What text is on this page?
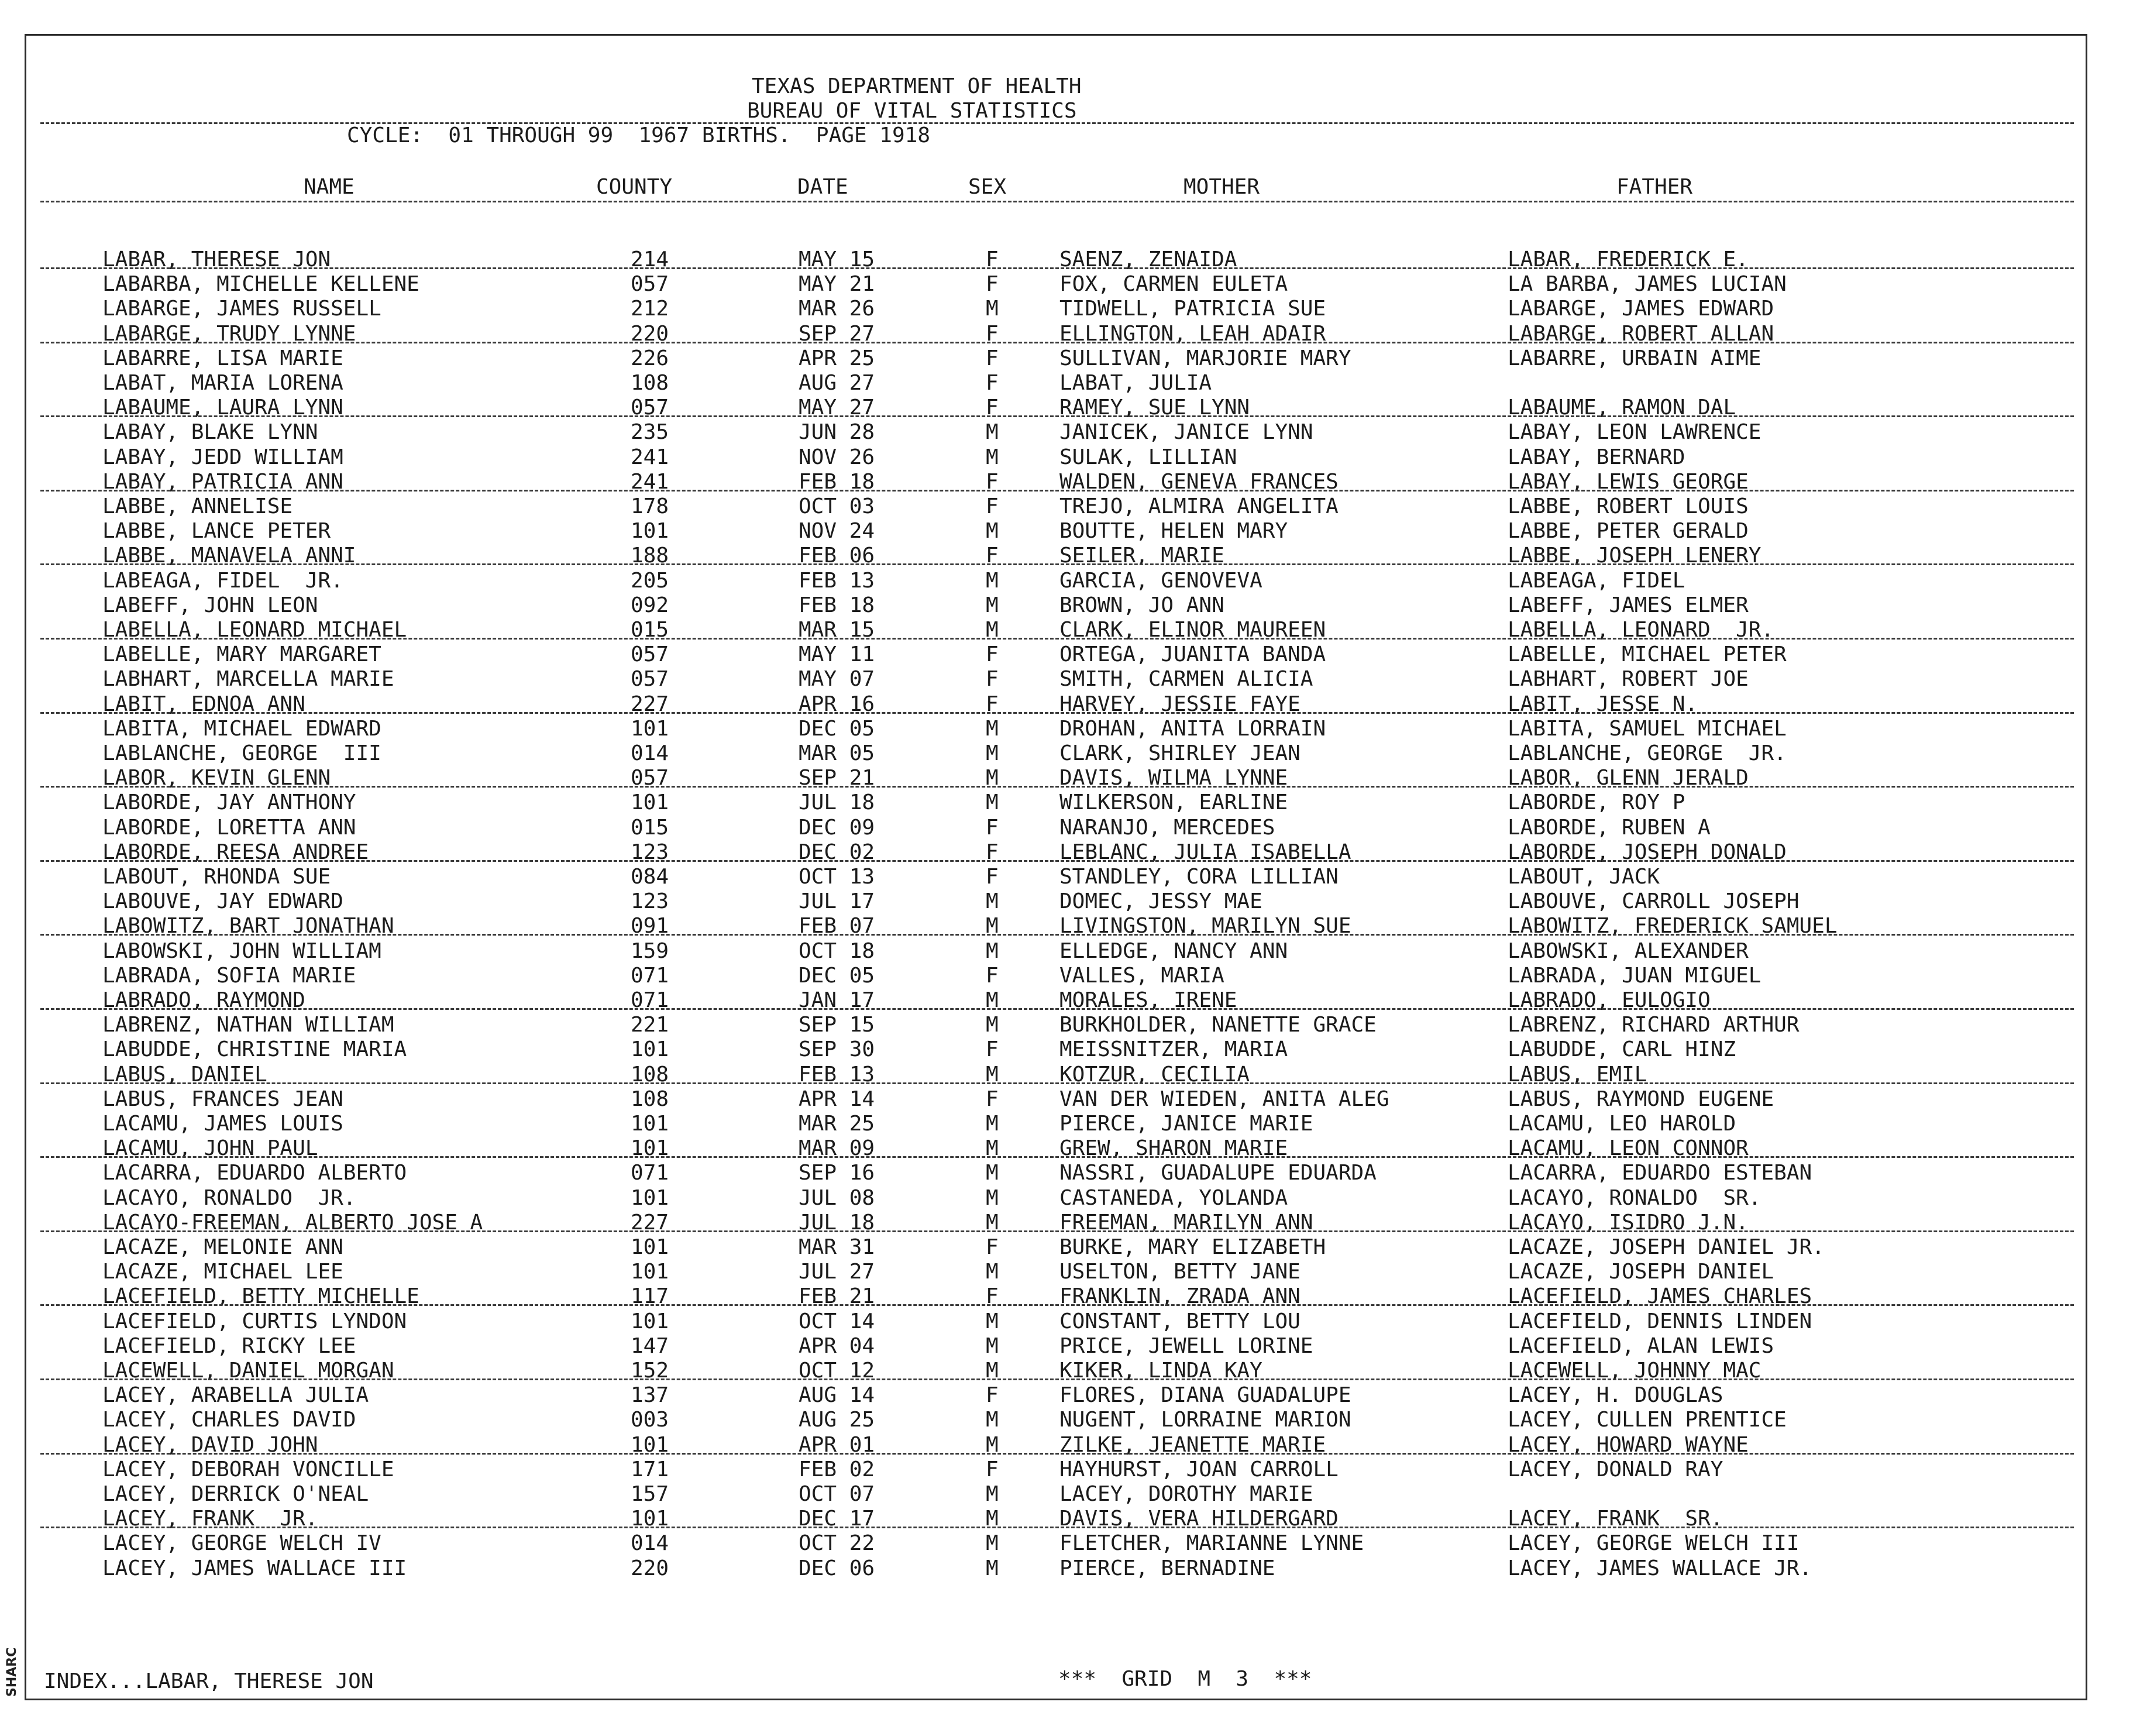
SHARC
TEXAS DEPARTMENT OF HEALTH
BUREAU OF VITAL STATISTICS
CYCLE:  01 THROUGH 99  1967 BIRTHS.  PAGE 1918
NAME	COUNTY	DATE	SEX	MOTHER	FATHER
LABAR, THERESE JON	214	MAY 15	F	SAENZ, ZENAIDA	LABAR, FREDERICK E.
LABARBA, MICHELLE KELLENE	057	MAY 21	F	FOX, CARMEN EULETA	LA BARBA, JAMES LUCIAN
LABARGE, JAMES RUSSELL	212	MAR 26	M	TIDWELL, PATRICIA SUE	LABARGE, JAMES EDWARD
LABARGE, TRUDY LYNNE	220	SEP 27	F	ELLINGTON, LEAH ADAIR	LABARGE, ROBERT ALLAN
LABARRE, LISA MARIE	226	APR 25	F	SULLIVAN, MARJORIE MARY	LABARRE, URBAIN AIME
LABAT, MARIA LORENA	108	AUG 27	F	LABAT, JULIA
LABAUME, LAURA LYNN	057	MAY 27	F	RAMEY, SUE LYNN	LABAUME, RAMON DAL
LABAY, BLAKE LYNN	235	JUN 28	M	JANICEK, JANICE LYNN	LABAY, LEON LAWRENCE
LABAY, JEDD WILLIAM	241	NOV 26	M	SULAK, LILLIAN	LABAY, BERNARD
LABAY, PATRICIA ANN	241	FEB 18	F	WALDEN, GENEVA FRANCES	LABAY, LEWIS GEORGE
LABBE, ANNELISE	178	OCT 03	F	TREJO, ALMIRA ANGELITA	LABBE, ROBERT LOUIS
LABBE, LANCE PETER	101	NOV 24	M	BOUTTE, HELEN MARY	LABBE, PETER GERALD
LABBE, MANAVELA ANNI	188	FEB 06	F	SEILER, MARIE	LABBE, JOSEPH LENERY
LABEAGA, FIDEL  JR.	205	FEB 13	M	GARCIA, GENOVEVA	LABEAGA, FIDEL
LABEFF, JOHN LEON	092	FEB 18	M	BROWN, JO ANN	LABEFF, JAMES ELMER
LABELLA, LEONARD MICHAEL	015	MAR 15	M	CLARK, ELINOR MAUREEN	LABELLA, LEONARD  JR.
LABELLE, MARY MARGARET	057	MAY 11	F	ORTEGA, JUANITA BANDA	LABELLE, MICHAEL PETER
LABHART, MARCELLA MARIE	057	MAY 07	F	SMITH, CARMEN ALICIA	LABHART, ROBERT JOE
LABIT, EDNOA ANN	227	APR 16	F	HARVEY, JESSIE FAYE	LABIT, JESSE N.
LABITA, MICHAEL EDWARD	101	DEC 05	M	DROHAN, ANITA LORRAIN	LABITA, SAMUEL MICHAEL
LABLANCHE, GEORGE  III	014	MAR 05	M	CLARK, SHIRLEY JEAN	LABLANCHE, GEORGE  JR.
LABOR, KEVIN GLENN	057	SEP 21	M	DAVIS, WILMA LYNNE	LABOR, GLENN JERALD
LABORDE, JAY ANTHONY	101	JUL 18	M	WILKERSON, EARLINE	LABORDE, ROY P
LABORDE, LORETTA ANN	015	DEC 09	F	NARANJO, MERCEDES	LABORDE, RUBEN A
LABORDE, REESA ANDREE	123	DEC 02	F	LEBLANC, JULIA ISABELLA	LABORDE, JOSEPH DONALD
LABOUT, RHONDA SUE	084	OCT 13	F	STANDLEY, CORA LILLIAN	LABOUT, JACK
LABOUVE, JAY EDWARD	123	JUL 17	M	DOMEC, JESSY MAE	LABOUVE, CARROLL JOSEPH
LABOWITZ, BART JONATHAN	091	FEB 07	M	LIVINGSTON, MARILYN SUE	LABOWITZ, FREDERICK SAMUEL
LABOWSKI, JOHN WILLIAM	159	OCT 18	M	ELLEDGE, NANCY ANN	LABOWSKI, ALEXANDER
LABRADA, SOFIA MARIE	071	DEC 05	F	VALLES, MARIA	LABRADA, JUAN MIGUEL
LABRADO, RAYMOND	071	JAN 17	M	MORALES, IRENE	LABRADO, EULOGIO
LABRENZ, NATHAN WILLIAM	221	SEP 15	M	BURKHOLDER, NANETTE GRACE	LABRENZ, RICHARD ARTHUR
LABUDDE, CHRISTINE MARIA	101	SEP 30	F	MEISSNITZER, MARIA	LABUDDE, CARL HINZ
LABUS, DANIEL	108	FEB 13	M	KOTZUR, CECILIA	LABUS, EMIL
LABUS, FRANCES JEAN	108	APR 14	F	VAN DER WIEDEN, ANITA ALEG	LABUS, RAYMOND EUGENE
LACAMU, JAMES LOUIS	101	MAR 25	M	PIERCE, JANICE MARIE	LACAMU, LEO HAROLD
LACAMU, JOHN PAUL	101	MAR 09	M	GREW, SHARON MARIE	LACAMU, LEON CONNOR
LACARRA, EDUARDO ALBERTO	071	SEP 16	M	NASSRI, GUADALUPE EDUARDA	LACARRA, EDUARDO ESTEBAN
LACAYO, RONALDO  JR.	101	JUL 08	M	CASTANEDA, YOLANDA	LACAYO, RONALDO  SR.
LACAYO-FREEMAN, ALBERTO JOSE A	227	JUL 18	M	FREEMAN, MARILYN ANN	LACAYO, ISIDRO J.N.
LACAZE, MELONIE ANN	101	MAR 31	F	BURKE, MARY ELIZABETH	LACAZE, JOSEPH DANIEL JR.
LACAZE, MICHAEL LEE	101	JUL 27	M	USELTON, BETTY JANE	LACAZE, JOSEPH DANIEL
LACEFIELD, BETTY MICHELLE	117	FEB 21	F	FRANKLIN, ZRADA ANN	LACEFIELD, JAMES CHARLES
LACEFIELD, CURTIS LYNDON	101	OCT 14	M	CONSTANT, BETTY LOU	LACEFIELD, DENNIS LINDEN
LACEFIELD, RICKY LEE	147	APR 04	M	PRICE, JEWELL LORINE	LACEFIELD, ALAN LEWIS
LACEWELL, DANIEL MORGAN	152	OCT 12	M	KIKER, LINDA KAY	LACEWELL, JOHNNY MAC
LACEY, ARABELLA JULIA	137	AUG 14	F	FLORES, DIANA GUADALUPE	LACEY, H. DOUGLAS
LACEY, CHARLES DAVID	003	AUG 25	M	NUGENT, LORRAINE MARION	LACEY, CULLEN PRENTICE
LACEY, DAVID JOHN	101	APR 01	M	ZILKE, JEANETTE MARIE	LACEY, HOWARD WAYNE
LACEY, DEBORAH VONCILLE	171	FEB 02	F	HAYHURST, JOAN CARROLL	LACEY, DONALD RAY
LACEY, DERRICK O'NEAL	157	OCT 07	M	LACEY, DOROTHY MARIE
LACEY, FRANK  JR.	101	DEC 17	M	DAVIS, VERA HILDERGARD	LACEY, FRANK  SR.
LACEY, GEORGE WELCH IV	014	OCT 22	M	FLETCHER, MARIANNE LYNNE	LACEY, GEORGE WELCH III
LACEY, JAMES WALLACE III	220	DEC 06	M	PIERCE, BERNADINE	LACEY, JAMES WALLACE JR.
INDEX...LABAR, THERESE JON	***  GRID  M  3  ***
